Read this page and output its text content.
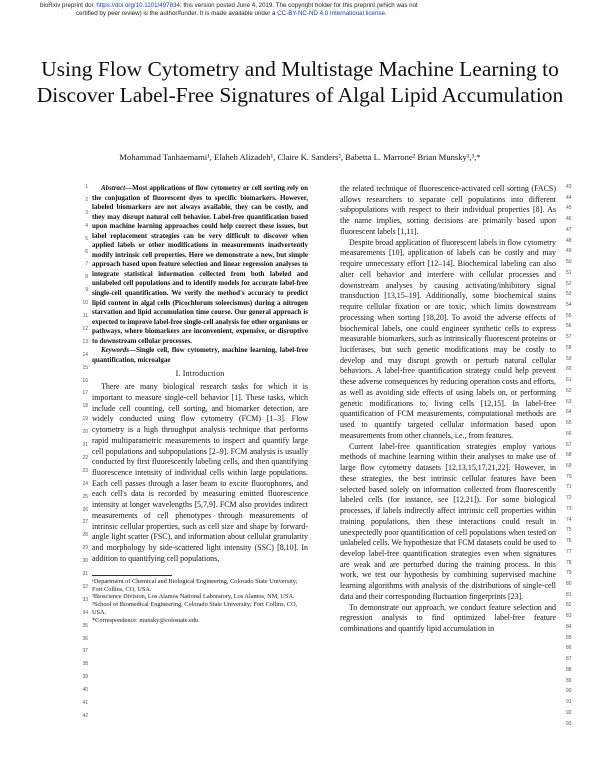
bioRxiv preprint doi: https://doi.org/10.1101/497834. this version posted June 4, 2019. The copyright holder for this preprint (which was not
certified by peer review) is the author/funder. It is made available under a CC-BY-NC-ND 4.0 International license.
Using Flow Cytometry and Multistage Machine Learning to Discover Label-Free Signatures of Algal Lipid Accumulation
Mohammad Tanhaemami¹, Elaheh Alizadeh¹, Claire K. Sanders², Babetta L. Marrone² Brian Munsky¹,³,*
1
2
3
4
5
6
7
8
9
10
11
12
13
14
15
16
17
18
19
20
21
22
23
24
25
26
27
28
29
30
31
32
33
34
35
36
37
38
39
40
41
42
43
44
45
46
47
48
49
50
51
52
53
54
55
56
57
58
59
60
61
62
63
64
65
66
67
68
69
70
71
72
73
74
75
76
77
78
79
80
81
82
83
84
85
86
87
88
89
90
91
92
93

Abstract—Most applications of flow cytometry or cell sorting rely on the conjugation of fluorescent dyes to specific biomarkers. However, labeled biomarkers are not always available, they can be costly, and they may disrupt natural cell behavior. Label-free quantification based upon machine learning approaches could help correct these issues, but label replacement strategies can be very difficult to discover when applied labels or other modifications in measurements inadvertently modify intrinsic cell properties. Here we demonstrate a new, but simple approach based upon feature selection and linear regression analyses to integrate statistical information collected from both labeled and unlabeled cell populations and to identify models for accurate label-free single-cell quantification. We verify the method's accuracy to predict lipid content in algal cells (Picochlorum soleecismus) during a nitrogen starvation and lipid accumulation time course. Our general approach is expected to improve label-free single-cell analysis for other organisms or pathways, where biomarkers are inconvenient, expensive, or disruptive to downstream cellular processes.

Keywords—Single cell, flow cytometry, machine learning, label-free quantification, microalgae

I. Introduction

There are many biological research tasks for which it is important to measure single-cell behavior [1]. These tasks, which include cell counting, cell sorting, and biomarker detection, are widely conducted using flow cytometry (FCM) [1–3]. Flow cytometry is a high throughput analysis technique that performs rapid multiparametric measurements to inspect and quantify large cell populations and subpopulations [2–9]. FCM analysis is usually conducted by first fluorescently labeling cells, and then quantifying fluorescence intensity of individual cells within large populations. Each cell passes through a laser beam to excite fluorophores, and each cell's data is recorded by measuring emitted fluorescence intensity at longer wavelengths [5,7,9]. FCM also provides indirect measurements of cell phenotypes through measurements of intrinsic cellular properties, such as cell size and shape by forward-angle light scatter (FSC), and information about cellular granularity and morphology by side-scattered light intensity (SSC) [8,10]. In addition to quantifying cell populations,

¹Department of Chemical and Biological Engineering, Colorado State University; Fort Collins, CO, USA.

²Bioscience Division, Los Alamos National Laboratory, Los Alamos, NM, USA.

³School of Biomedical Engineering, Colorado State University; Fort Collins, CO, USA.

*Correspondence: munsky@colostate.edu

the related technique of fluorescence-activated cell sorting (FACS) allows researchers to separate cell populations into different subpopulations with respect to their individual properties [8]. As the name implies, sorting decisions are primarily based upon fluorescent labels [1,11].

Despite broad application of fluorescent labels in flow cytometry measurements [10], application of labels can be costly and may require unnecessary effort [12–14]. Biochemical labeling can also alter cell behavior and interfere with cellular processes and downstream analyses by causing activating/inhibitory signal transduction [13,15–19]. Additionally, some biochemical stains require cellular fixation or are toxic, which limits downstream processing when sorting [18,20]. To avoid the adverse effects of biochemical labels, one could engineer synthetic cells to express measurable biomarkers, such as intrinsically fluorescent proteins or luciferases, but such genetic modifications may be costly to develop and may disrupt growth or perturb natural cellular behaviors. A label-free quantification strategy could help prevent these adverse consequences by reducing operation costs and efforts, as well as avoiding side effects of using labels on, or performing genetic modifications to, living cells [12,15]. In label-free quantification of FCM measurements, computational methods are used to quantify targeted cellular information based upon measurements from other channels, i.e., from features.

Current label-free quantification strategies employ various methods of machine learning within their analyses to make use of large flow cytometry datasets [12,13,15,17,21,22]. However, in these strategies, the best intrinsic cellular features have been selected based solely on information collected from fluorescently labeled cells (for instance, see [12,21]). For some biological processes, if labels indirectly affect intrinsic cell properties within training populations, then these interactions could result in unexpectedly poor quantification of cell populations when tested on unlabeled cells. We hypothesize that FCM datasets could be used to develop label-free quantification strategies even when signatures are weak and are perturbed during the training process. In this work, we test our hypothesis by combining supervised machine learning algorithms with analysis of the distributions of single-cell data and their corresponding fluctuation fingerprints [23].

To demonstrate our approach, we conduct feature selection and regression analysis to find optimized label-free feature combinations and quantify lipid accumulation in
